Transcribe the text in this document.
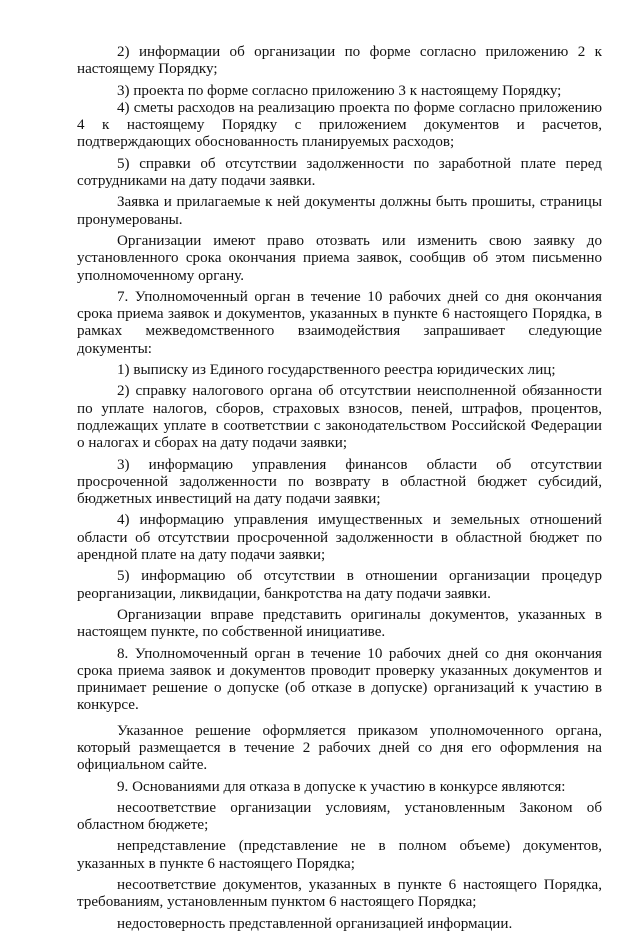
2) информации об организации по форме согласно приложению 2 к настоящему Порядку;

3) проекта по форме согласно приложению 3 к настоящему Порядку;

4) сметы расходов на реализацию проекта по форме согласно приложению 4 к настоящему Порядку с приложением документов и расчетов, подтверждающих обоснованность планируемых расходов;

5) справки об отсутствии задолженности по заработной плате перед сотрудниками на дату подачи заявки.

Заявка и прилагаемые к ней документы должны быть прошиты, страницы пронумерованы.

Организации имеют право отозвать или изменить свою заявку до установленного срока окончания приема заявок, сообщив об этом письменно уполномоченному органу.

7. Уполномоченный орган в течение 10 рабочих дней со дня окончания срока приема заявок и документов, указанных в пункте 6 настоящего Порядка, в рамках межведомственного взаимодействия запрашивает следующие документы:

1) выписку из Единого государственного реестра юридических лиц;

2) справку налогового органа об отсутствии неисполненной обязанности по уплате налогов, сборов, страховых взносов, пеней, штрафов, процентов, подлежащих уплате в соответствии с законодательством Российской Федерации о налогах и сборах на дату подачи заявки;

3) информацию управления финансов области об отсутствии просроченной задолженности по возврату в областной бюджет субсидий, бюджетных инвестиций на дату подачи заявки;

4) информацию управления имущественных и земельных отношений области об отсутствии просроченной задолженности в областной бюджет по арендной плате на дату подачи заявки;

5) информацию об отсутствии в отношении организации процедур реорганизации, ликвидации, банкротства на дату подачи заявки.

Организации вправе представить оригиналы документов, указанных в настоящем пункте, по собственной инициативе.

8. Уполномоченный орган в течение 10 рабочих дней со дня окончания срока приема заявок и документов проводит проверку указанных документов и принимает решение о допуске (об отказе в допуске) организаций к участию в конкурсе.

Указанное решение оформляется приказом уполномоченного органа, который размещается в течение 2 рабочих дней со дня его оформления на официальном сайте.

9. Основаниями для отказа в допуске к участию в конкурсе являются:

несоответствие организации условиям, установленным Законом об областном бюджете;

непредставление (представление не в полном объеме) документов, указанных в пункте 6 настоящего Порядка;

несоответствие документов, указанных в пункте 6 настоящего Порядка, требованиям, установленным пунктом 6 настоящего Порядка;

недостоверность представленной организацией информации.
